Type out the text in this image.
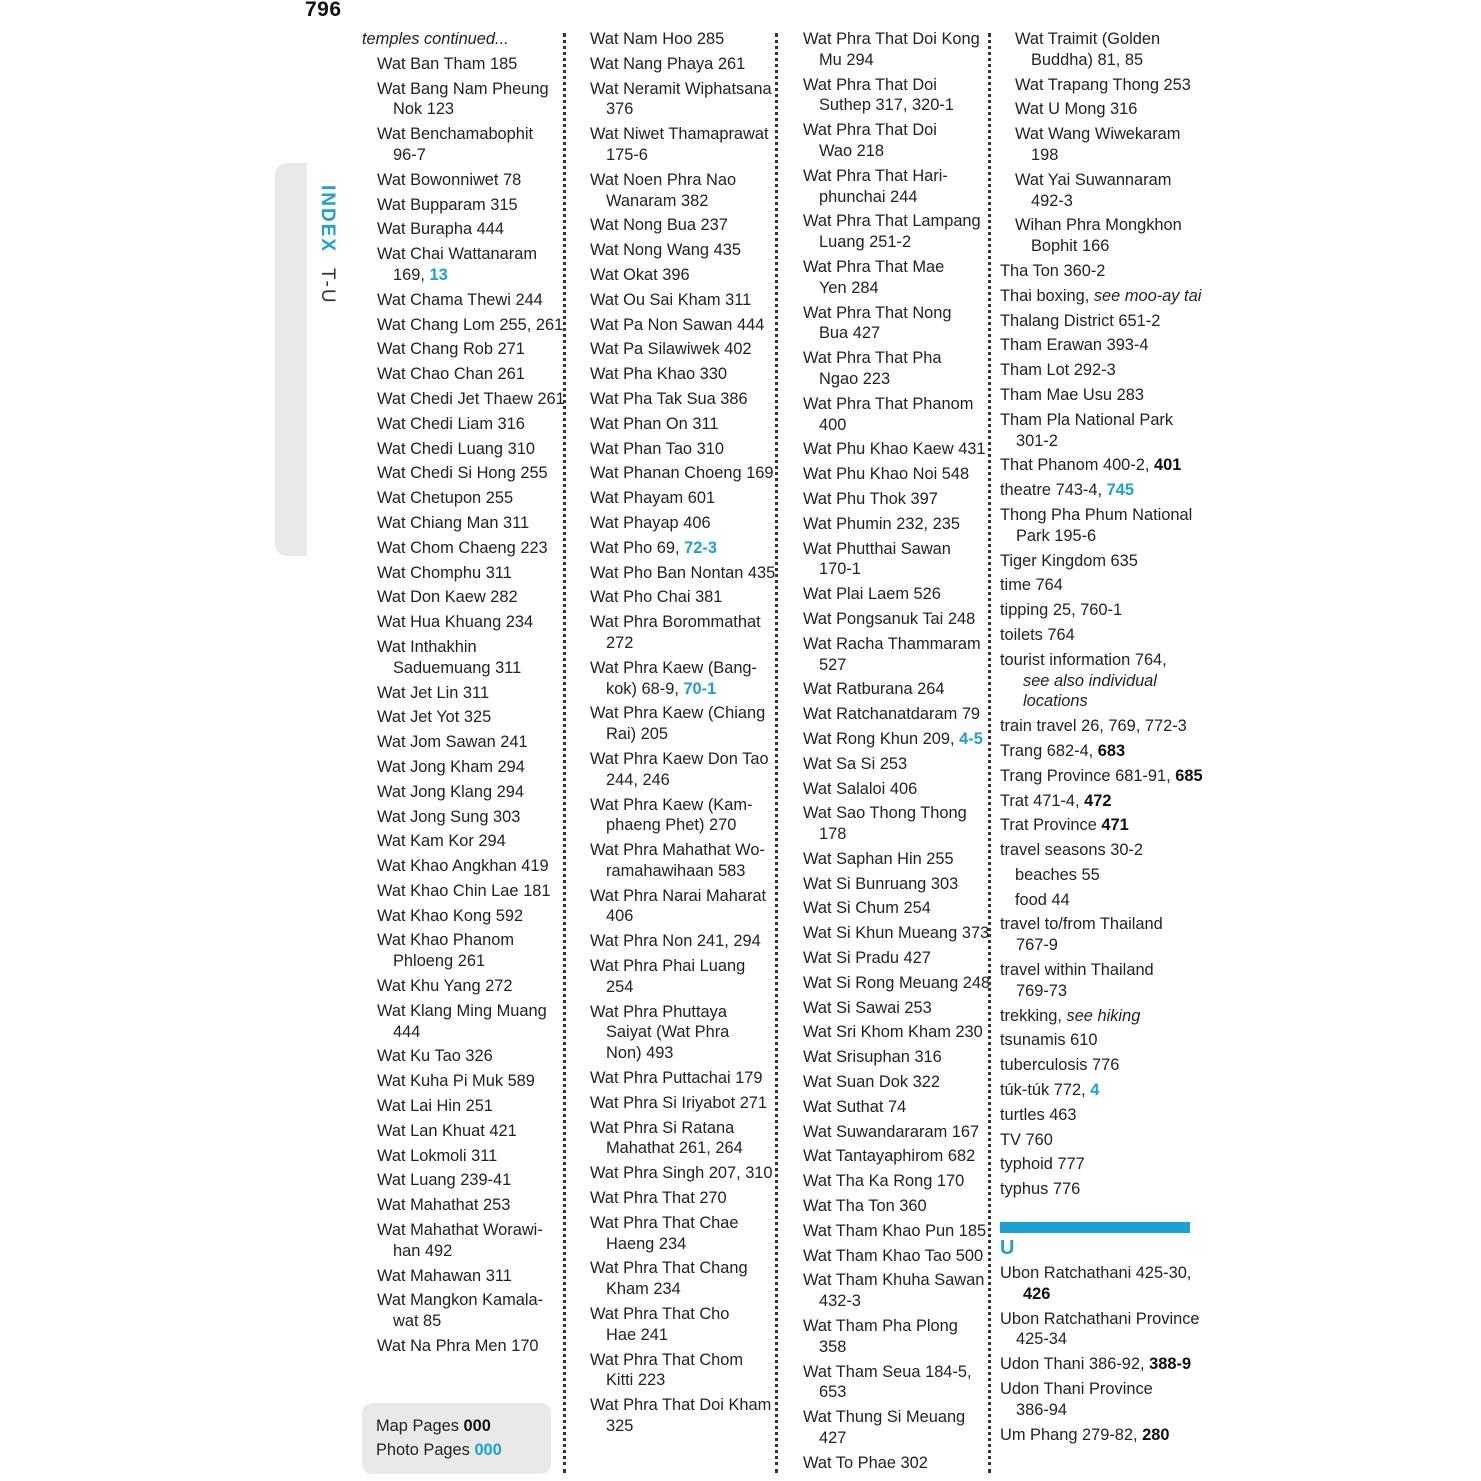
796
INDEX T-U
temples continued...
Wat Ban Tham 185
Wat Bang Nam Pheung
Nok 123
Wat Benchamabophit
96-7
Wat Bowonniwet 78
Wat Bupparam 315
Wat Burapha 444
Wat Chai Wattanaram
169, 13
Wat Chama Thewi 244
Wat Chang Lom 255, 261
Wat Chang Rob 271
Wat Chao Chan 261
Wat Chedi Jet Thaew 261
Wat Chedi Liam 316
Wat Chedi Luang 310
Wat Chedi Si Hong 255
Wat Chetupon 255
Wat Chiang Man 311
Wat Chom Chaeng 223
Wat Chomphu 311
Wat Don Kaew 282
Wat Hua Khuang 234
Wat Inthakhin
Saduemuang 311
Wat Jet Lin 311
Wat Jet Yot 325
Wat Jom Sawan 241
Wat Jong Kham 294
Wat Jong Klang 294
Wat Jong Sung 303
Wat Kam Kor 294
Wat Khao Angkhan 419
Wat Khao Chin Lae 181
Wat Khao Kong 592
Wat Khao Phanom
Phloeng 261
Wat Khu Yang 272
Wat Klang Ming Muang
444
Wat Ku Tao 326
Wat Kuha Pi Muk 589
Wat Lai Hin 251
Wat Lan Khuat 421
Wat Lokmoli 311
Wat Luang 239-41
Wat Mahathat 253
Wat Mahathat Worawi-
han 492
Wat Mahawan 311
Wat Mangkon Kamala-
wat 85
Wat Na Phra Men 170
Wat Nam Hoo 285
Wat Nang Phaya 261
Wat Neramit Wiphatsana
376
Wat Niwet Thamaprawat
175-6
Wat Noen Phra Nao
Wanaram 382
Wat Nong Bua 237
Wat Nong Wang 435
Wat Okat 396
Wat Ou Sai Kham 311
Wat Pa Non Sawan 444
Wat Pa Silawiwek 402
Wat Pha Khao 330
Wat Pha Tak Sua 386
Wat Phan On 311
Wat Phan Tao 310
Wat Phanan Choeng 169
Wat Phayam 601
Wat Phayap 406
Wat Pho 69, 72-3
Wat Pho Ban Nontan 435
Wat Pho Chai 381
Wat Phra Borommathat
272
Wat Phra Kaew (Bang-
kok) 68-9, 70-1
Wat Phra Kaew (Chiang
Rai) 205
Wat Phra Kaew Don Tao
244, 246
Wat Phra Kaew (Kam-
phaeng Phet) 270
Wat Phra Mahathat Wo-
ramahawihaan 583
Wat Phra Narai Maharat
406
Wat Phra Non 241, 294
Wat Phra Phai Luang
254
Wat Phra Phuttaya
Saiyat (Wat Phra
Non) 493
Wat Phra Puttachai 179
Wat Phra Si Iriyabot 271
Wat Phra Si Ratana
Mahathat 261, 264
Wat Phra Singh 207, 310
Wat Phra That 270
Wat Phra That Chae
Haeng 234
Wat Phra That Chang
Kham 234
Wat Phra That Cho
Hae 241
Wat Phra That Chom
Kitti 223
Wat Phra That Doi Kham
325
Wat Phra That Doi Kong
Mu 294
Wat Phra That Doi
Suthep 317, 320-1
Wat Phra That Doi
Wao 218
Wat Phra That Hari-
phunchai 244
Wat Phra That Lampang
Luang 251-2
Wat Phra That Mae
Yen 284
Wat Phra That Nong
Bua 427
Wat Phra That Pha
Ngao 223
Wat Phra That Phanom
400
Wat Phu Khao Kaew 431
Wat Phu Khao Noi 548
Wat Phu Thok 397
Wat Phumin 232, 235
Wat Phutthai Sawan
170-1
Wat Plai Laem 526
Wat Pongsanuk Tai 248
Wat Racha Thammaram
527
Wat Ratburana 264
Wat Ratchanatdaram 79
Wat Rong Khun 209, 4-5
Wat Sa Si 253
Wat Salaloi 406
Wat Sao Thong Thong
178
Wat Saphan Hin 255
Wat Si Bunruang 303
Wat Si Chum 254
Wat Si Khun Mueang 373
Wat Si Pradu 427
Wat Si Rong Meuang 248
Wat Si Sawai 253
Wat Sri Khom Kham 230
Wat Srisuphan 316
Wat Suan Dok 322
Wat Suthat 74
Wat Suwandararam 167
Wat Tantayaphirom 682
Wat Tha Ka Rong 170
Wat Tha Ton 360
Wat Tham Khao Pun 185
Wat Tham Khao Tao 500
Wat Tham Khuha Sawan
432-3
Wat Tham Pha Plong
358
Wat Tham Seua 184-5,
653
Wat Thung Si Meuang
427
Wat To Phae 302
Wat Traimit (Golden
Buddha) 81, 85
Wat Trapang Thong 253
Wat U Mong 316
Wat Wang Wiwekaram
198
Wat Yai Suwannaram
492-3
Wihan Phra Mongkhon
Bophit 166
Tha Ton 360-2
Thai boxing, see moo-ay tai
Thalang District 651-2
Tham Erawan 393-4
Tham Lot 292-3
Tham Mae Usu 283
Tham Pla National Park
301-2
That Phanom 400-2, 401
theatre 743-4, 745
Thong Pha Phum National
Park 195-6
Tiger Kingdom 635
time 764
tipping 25, 760-1
toilets 764
tourist information 764,
see also individual
locations
train travel 26, 769, 772-3
Trang 682-4, 683
Trang Province 681-91, 685
Trat 471-4, 472
Trat Province 471
travel seasons 30-2
beaches 55
food 44
travel to/from Thailand
767-9
travel within Thailand
769-73
trekking, see hiking
tsunamis 610
tuberculosis 776
túk-túk 772, 4
turtles 463
TV 760
typhoid 777
typhus 776
U
Ubon Ratchathani 425-30,
426
Ubon Ratchathani Province
425-34
Udon Thani 386-92, 388-9
Udon Thani Province
386-94
Um Phang 279-82, 280
Map Pages 000
Photo Pages 000
